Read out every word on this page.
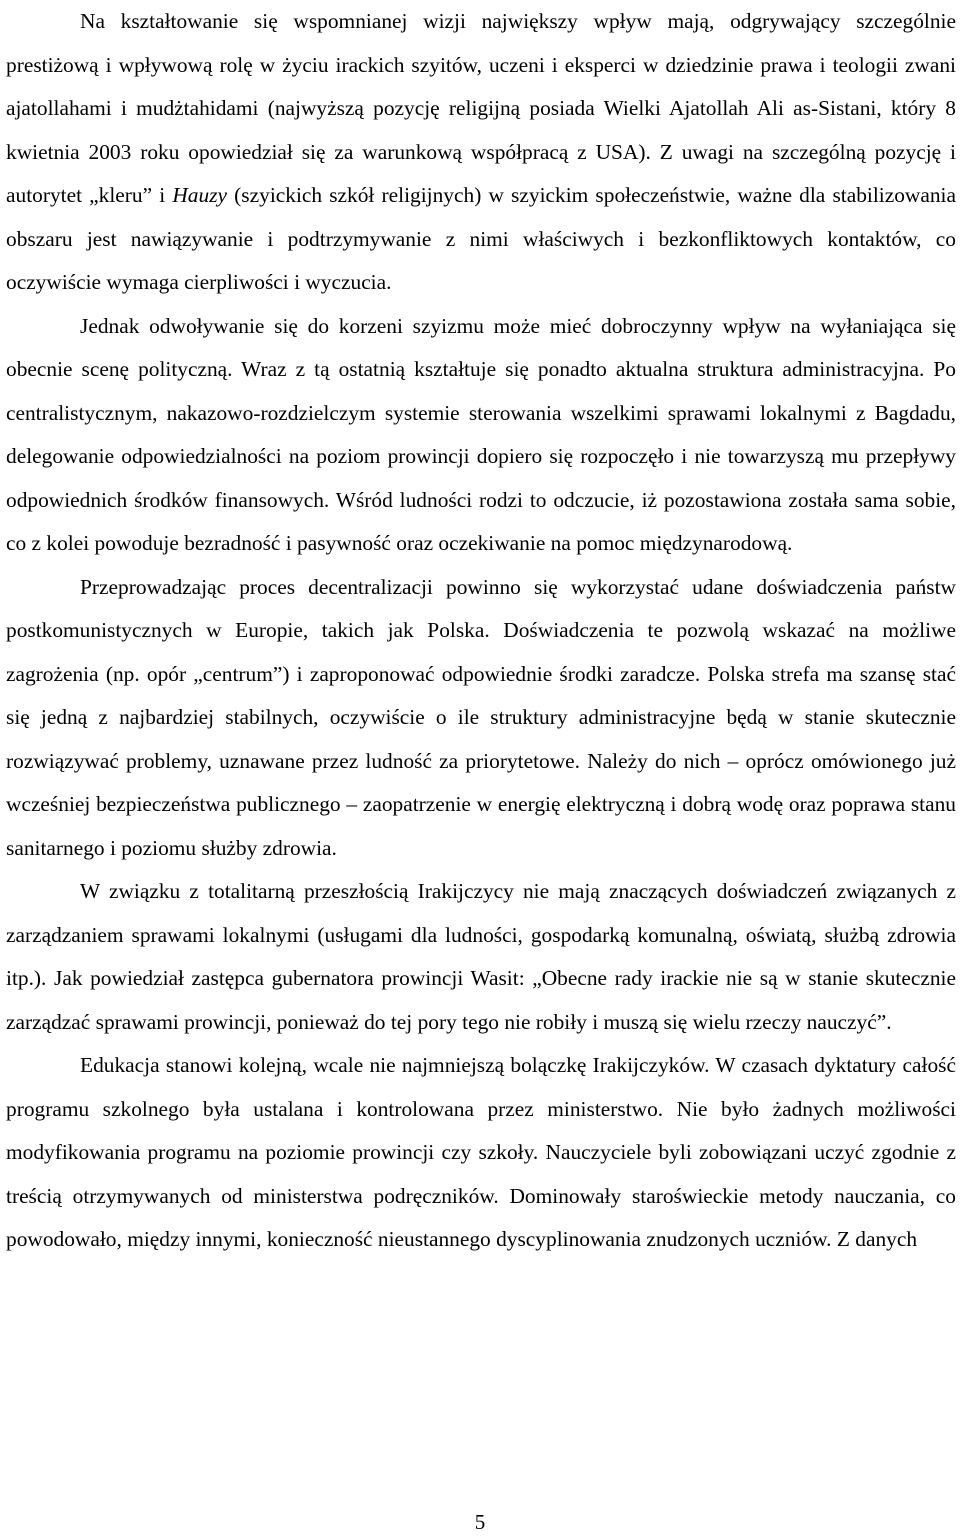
Na kształtowanie się wspomnianej wizji największy wpływ mają, odgrywający szczególnie prestiżową i wpływową rolę w życiu irackich szyitów, uczeni i eksperci w dziedzinie prawa i teologii zwani ajatollahami i mudżtahidami (najwyższą pozycję religijną posiada Wielki Ajatollah Ali as-Sistani, który 8 kwietnia 2003 roku opowiedział się za warunkową współpracą z USA). Z uwagi na szczególną pozycję i autorytet „kleru” i Hauzy (szyickich szkół religijnych) w szyickim społeczeństwie, ważne dla stabilizowania obszaru jest nawiązywanie i podtrzymywanie z nimi właściwych i bezkonfliktowych kontaktów, co oczywiście wymaga cierpliwości i wyczucia.

Jednak odwoływanie się do korzeni szyizmu może mieć dobroczynny wpływ na wyłaniająca się obecnie scenę polityczną. Wraz z tą ostatnią kształtuje się ponadto aktualna struktura administracyjna. Po centralistycznym, nakazowo-rozdzielczym systemie sterowania wszelkimi sprawami lokalnymi z Bagdadu, delegowanie odpowiedzialności na poziom prowincji dopiero się rozpoczęło i nie towarzyszą mu przepływy odpowiednich środków finansowych. Wśród ludności rodzi to odczucie, iż pozostawiona została sama sobie, co z kolei powoduje bezradność i pasywność oraz oczekiwanie na pomoc międzynarodową.

Przeprowadzając proces decentralizacji powinno się wykorzystać udane doświadczenia państw postkomunistycznych w Europie, takich jak Polska. Doświadczenia te pozwolą wskazać na możliwe zagrożenia (np. opór „centrum”) i zaproponować odpowiednie środki zaradcze. Polska strefa ma szansę stać się jedną z najbardziej stabilnych, oczywiście o ile struktury administracyjne będą w stanie skutecznie rozwiązywać problemy, uznawane przez ludność za priorytetowe. Należy do nich – oprócz omówionego już wcześniej bezpieczeństwa publicznego – zaopatrzenie w energię elektryczną i dobrą wodę oraz poprawa stanu sanitarnego i poziomu służby zdrowia.

W związku z totalitarną przeszłością Irakijczycy nie mają znaczących doświadczeń związanych z zarządzaniem sprawami lokalnymi (usługami dla ludności, gospodarką komunalną, oświatą, służbą zdrowia itp.). Jak powiedział zastępca gubernatora prowincji Wasit: „Obecne rady irackie nie są w stanie skutecznie zarządzać sprawami prowincji, ponieważ do tej pory tego nie robiły i muszą się wielu rzeczy nauczyć”.

Edukacja stanowi kolejną, wcale nie najmniejszą bolączkę Irakijczyków. W czasach dyktatury całość programu szkolnego była ustalana i kontrolowana przez ministerstwo. Nie było żadnych możliwości modyfikowania programu na poziomie prowincji czy szkoły. Nauczyciele byli zobowiązani uczyć zgodnie z treścią otrzymywanych od ministerstwa podręczników. Dominowały staroświeckie metody nauczania, co powodowało, między innymi, konieczność nieustannego dyscyplinowania znudzonych uczniów. Z danych

5
